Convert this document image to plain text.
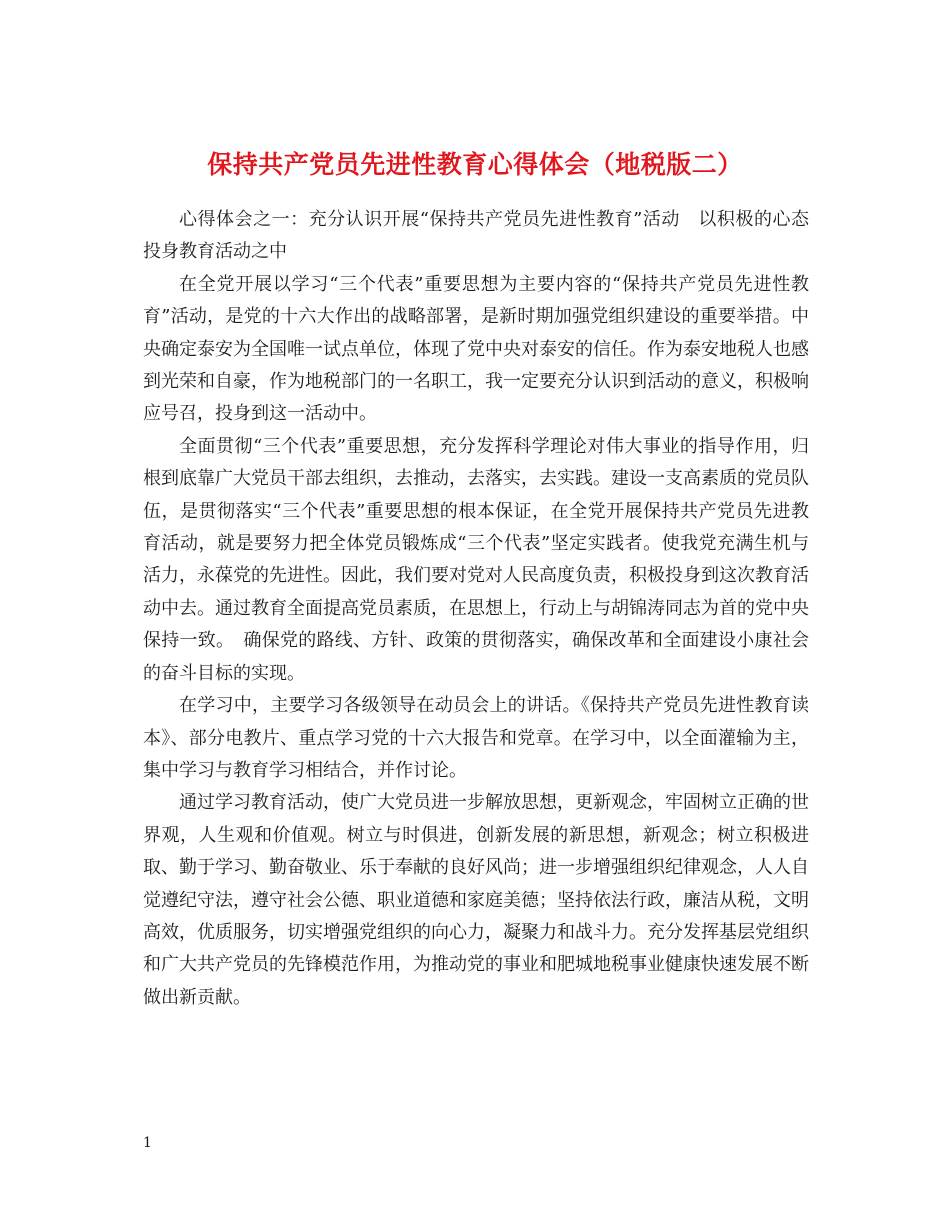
保持共产党员先进性教育心得体会（地税版二）

心得体会之一：充分认识开展“保持共产党员先进性教育”活动　以积极的心态投身教育活动之中

在全党开展以学习“三个代表”重要思想为主要内容的“保持共产党员先进性教育”活动，是党的十六大作出的战略部署，是新时期加强党组织建设的重要举措。中央确定泰安为全国唯一试点单位，体现了党中央对泰安的信任。作为泰安地税人也感到光荣和自豪，作为地税部门的一名职工，我一定要充分认识到活动的意义，积极响应号召，投身到这一活动中。

全面贯彻“三个代表”重要思想，充分发挥科学理论对伟大事业的指导作用，归根到底靠广大党员干部去组织，去推动，去落实，去实践。建设一支高素质的党员队伍，是贯彻落实“三个代表”重要思想的根本保证，在全党开展保持共产党员先进教育活动，就是要努力把全体党员锻炼成“三个代表”坚定实践者。使我党充满生机与活力，永葆党的先进性。因此，我们要对党对人民高度负责，积极投身到这次教育活动中去。通过教育全面提高党员素质，在思想上，行动上与胡锦涛同志为首的党中央保持一致。　确保党的路线、方针、政策的贯彻落实，确保改革和全面建设小康社会的奋斗目标的实现。

在学习中，主要学习各级领导在动员会上的讲话。《保持共产党员先进性教育读本》、部分电教片、重点学习党的十六大报告和党章。在学习中，以全面灌输为主，集中学习与教育学习相结合，并作讨论。

通过学习教育活动，使广大党员进一步解放思想，更新观念，牢固树立正确的世界观，人生观和价值观。树立与时俱进，创新发展的新思想，新观念；树立积极进取、勤于学习、勤奋敬业、乐于奉献的良好风尚；进一步增强组织纪律观念，人人自觉遵纪守法，遵守社会公德、职业道德和家庭美德；坚持依法行政，廉洁从税，文明高效，优质服务，切实增强党组织的向心力，凝聚力和战斗力。充分发挥基层党组织和广大共产党员的先锋模范作用，为推动党的事业和肥城地税事业健康快速发展不断做出新贡献。

1
